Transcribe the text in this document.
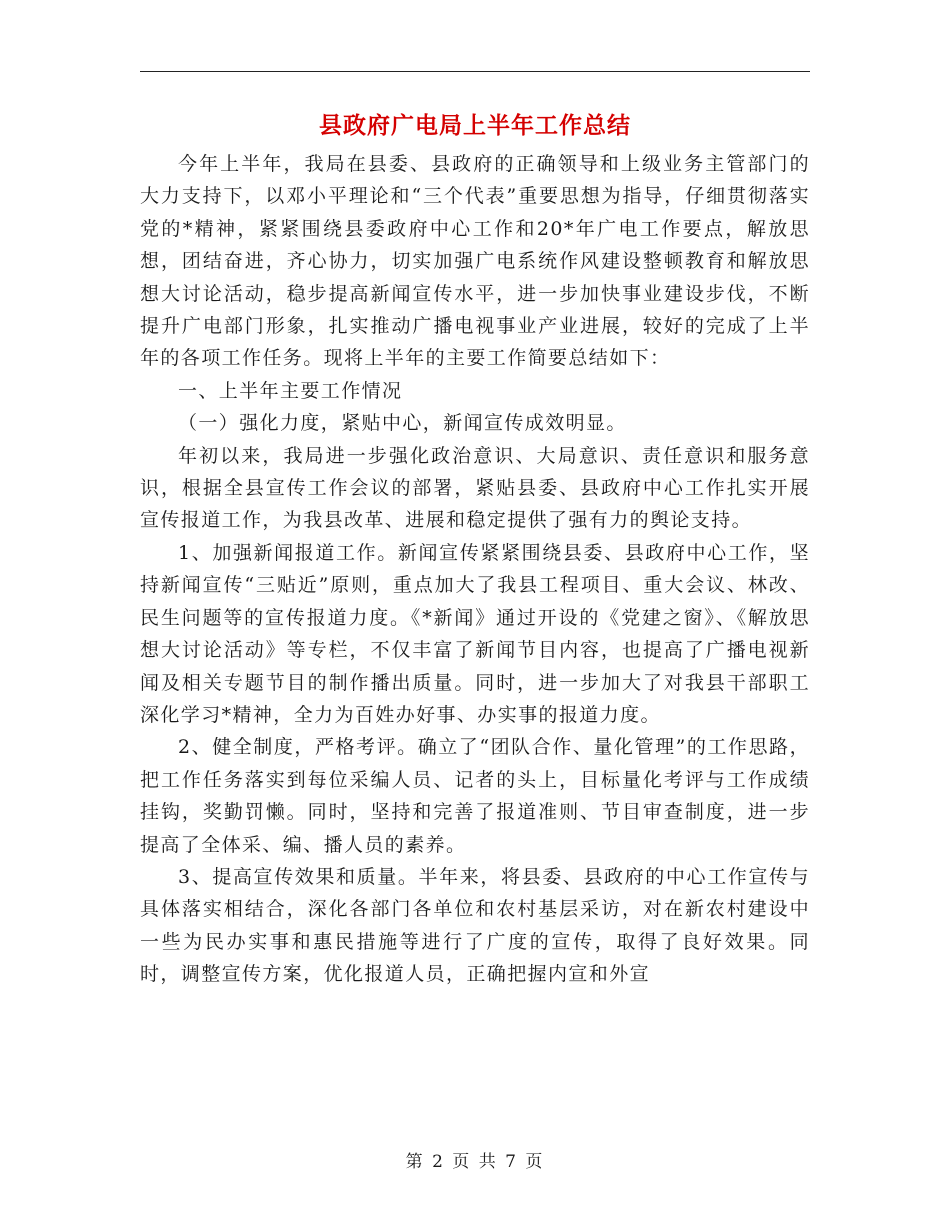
县政府广电局上半年工作总结

今年上半年，我局在县委、县政府的正确领导和上级业务主管部门的大力支持下，以邓小平理论和“三个代表”重要思想为指导，仔细贯彻落实党的*精神，紧紧围绕县委政府中心工作和20*年广电工作要点，解放思想，团结奋进，齐心协力，切实加强广电系统作风建设整顿教育和解放思想大讨论活动，稳步提高新闻宣传水平，进一步加快事业建设步伐，不断提升广电部门形象，扎实推动广播电视事业产业进展，较好的完成了上半年的各项工作任务。现将上半年的主要工作简要总结如下：

一、上半年主要工作情况

（一）强化力度，紧贴中心，新闻宣传成效明显。

年初以来，我局进一步强化政治意识、大局意识、责任意识和服务意识，根据全县宣传工作会议的部署，紧贴县委、县政府中心工作扎实开展宣传报道工作，为我县改革、进展和稳定提供了强有力的舆论支持。

1、加强新闻报道工作。新闻宣传紧紧围绕县委、县政府中心工作，坚持新闻宣传“三贴近”原则，重点加大了我县工程项目、重大会议、林改、民生问题等的宣传报道力度。《*新闻》通过开设的《党建之窗》、《解放思想大讨论活动》等专栏，不仅丰富了新闻节目内容，也提高了广播电视新闻及相关专题节目的制作播出质量。同时，进一步加大了对我县干部职工深化学习*精神，全力为百姓办好事、办实事的报道力度。

2、健全制度，严格考评。确立了“团队合作、量化管理”的工作思路，把工作任务落实到每位采编人员、记者的头上，目标量化考评与工作成绩挂钩，奖勤罚懒。同时，坚持和完善了报道准则、节目审查制度，进一步提高了全体采、编、播人员的素养。

3、提高宣传效果和质量。半年来，将县委、县政府的中心工作宣传与具体落实相结合，深化各部门各单位和农村基层采访，对在新农村建设中一些为民办实事和惠民措施等进行了广度的宣传，取得了良好效果。同时，调整宣传方案，优化报道人员，正确把握内宣和外宣

第 2 页 共 7 页
